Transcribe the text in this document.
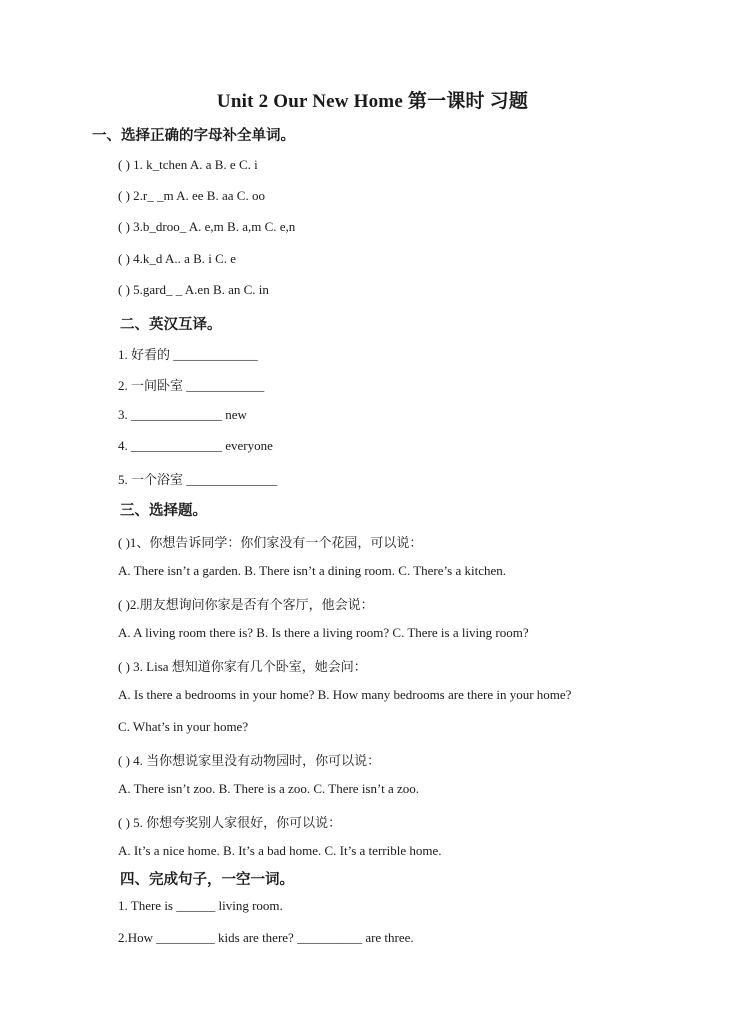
Unit 2 Our New Home 第一课时 习题
一、选择正确的字母补全单词。
( ) 1. k_tchen A. a B. e C. i
( ) 2.r_ _m A. ee B. aa C. oo
( ) 3.b_droo_ A. e,m B. a,m C. e,n
( ) 4.k_d A.. a B. i C. e
( ) 5.gard_ _ A.en B. an C. in
二、英汉互译。
1. 好看的 _____________
2. 一间卧室 ____________
3. ______________ new
4. ______________ everyone
5. 一个浴室 ______________
三、选择题。
( )1、你想告诉同学：你们家没有一个花园，可以说：
A. There isn’t a garden. B. There isn’t a dining room. C. There’s a kitchen.
( )2.朋友想询问你家是否有个客厅，他会说：
A. A living room there is? B. Is there a living room? C. There is a living room?
( ) 3. Lisa 想知道你家有几个卧室，她会问：
A. Is there a bedrooms in your home? B. How many bedrooms are there in your home?
C. What’s in your home?
( ) 4. 当你想说家里没有动物园时，你可以说：
A. There isn’t zoo. B. There is a zoo. C. There isn’t a zoo.
( ) 5. 你想夸奖别人家很好，你可以说：
A. It’s a nice home. B. It’s a bad home. C. It’s a terrible home.
四、完成句子，一空一词。
1. There is ______ living room.
2.How _________ kids are there? __________ are three.
